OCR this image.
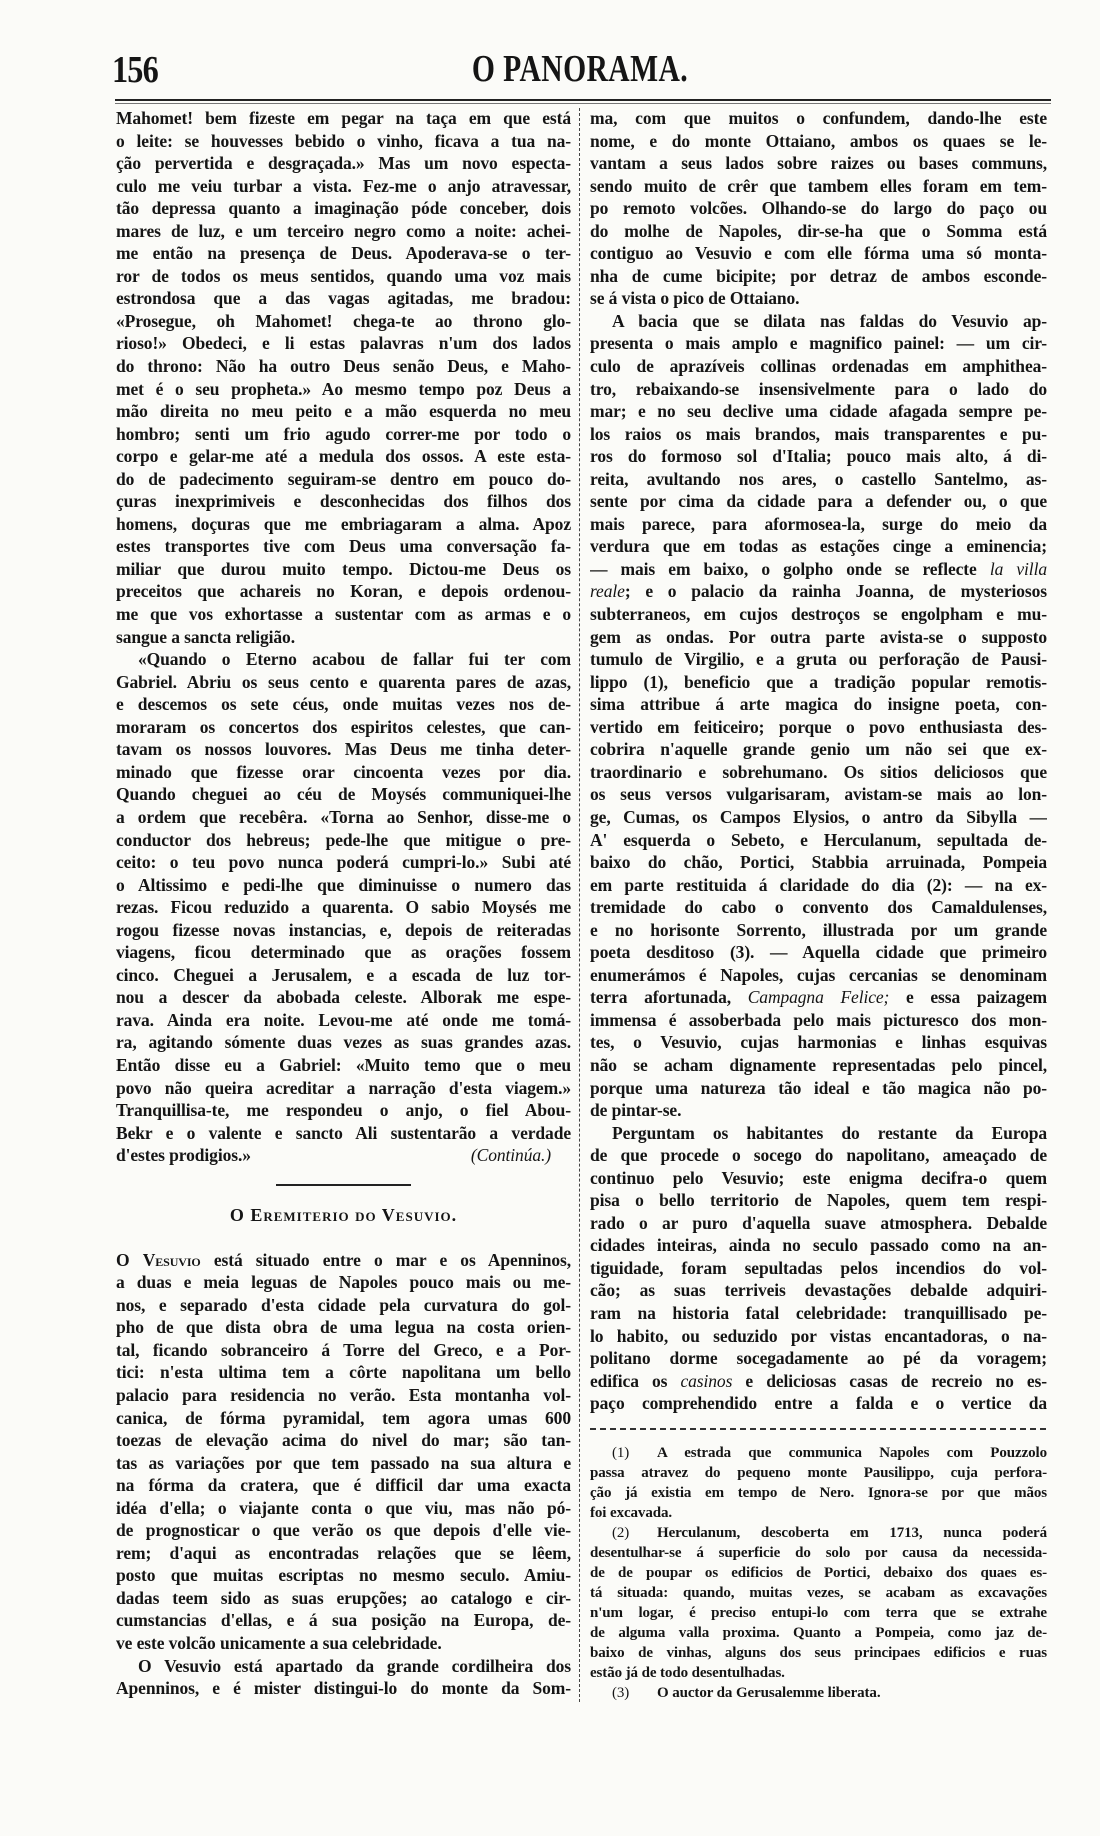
156	O PANORAMA.
Mahomet! bem fizeste em pegar na taça em que está
o leite: se houvesses bebido o vinho, ficava a tua na-
ção pervertida e desgraçada.» Mas um novo especta-
culo me veiu turbar a vista. Fez-me o anjo atravessar,
tão depressa quanto a imaginação póde conceber, dois
mares de luz, e um terceiro negro como a noite: achei-
me então na presença de Deus. Apoderava-se o ter-
ror de todos os meus sentidos, quando uma voz mais
estrondosa que a das vagas agitadas, me bradou:
«Prosegue, oh Mahomet! chega-te ao throno glo-
rioso!» Obedeci, e li estas palavras n'um dos lados
do throno: Não ha outro Deus senão Deus, e Maho-
met é o seu propheta.» Ao mesmo tempo poz Deus a
mão direita no meu peito e a mão esquerda no meu
hombro; senti um frio agudo correr-me por todo o
corpo e gelar-me até a medula dos ossos. A este esta-
do de padecimento seguiram-se dentro em pouco do-
çuras inexprimiveis e desconhecidas dos filhos dos
homens, doçuras que me embriagaram a alma. Apoz
estes transportes tive com Deus uma conversação fa-
miliar que durou muito tempo. Dictou-me Deus os
preceitos que achareis no Koran, e depois ordenou-
me que vos exhortasse a sustentar com as armas e o
sangue a sancta religião.
«Quando o Eterno acabou de fallar fui ter com
Gabriel. Abriu os seus cento e quarenta pares de azas,
e descemos os sete céus, onde muitas vezes nos de-
moraram os concertos dos espiritos celestes, que can-
tavam os nossos louvores. Mas Deus me tinha deter-
minado que fizesse orar cincoenta vezes por dia.
Quando cheguei ao céu de Moysés communiquei-lhe
a ordem que recebêra. «Torna ao Senhor, disse-me o
conductor dos hebreus; pede-lhe que mitigue o pre-
ceito: o teu povo nunca poderá cumpri-lo.» Subi até
o Altissimo e pedi-lhe que diminuisse o numero das
rezas. Ficou reduzido a quarenta. O sabio Moysés me
rogou fizesse novas instancias, e, depois de reiteradas
viagens, ficou determinado que as orações fossem
cinco. Cheguei a Jerusalem, e a escada de luz tor-
nou a descer da abobada celeste. Alborak me espe-
rava. Ainda era noite. Levou-me até onde me tomá-
ra, agitando sómente duas vezes as suas grandes azas.
Então disse eu a Gabriel: «Muito temo que o meu
povo não queira acreditar a narração d'esta viagem.»
Tranquillisa-te, me respondeu o anjo, o fiel Abou-
Bekr e o valente e sancto Ali sustentarão a verdade
(Continúa.)
d'estes prodigios.»
O Eremiterio do Vesuvio.
O Vesuvio está situado entre o mar e os Apenninos,
a duas e meia leguas de Napoles pouco mais ou me-
nos, e separado d'esta cidade pela curvatura do gol-
pho de que dista obra de uma legua na costa orien-
tal, ficando sobranceiro á Torre del Greco, e a Por-
tici: n'esta ultima tem a côrte napolitana um bello
palacio para residencia no verão. Esta montanha vol-
canica, de fórma pyramidal, tem agora umas 600
toezas de elevação acima do nivel do mar; são tan-
tas as variações por que tem passado na sua altura e
na fórma da cratera, que é difficil dar uma exacta
idéa d'ella; o viajante conta o que viu, mas não pó-
de prognosticar o que verão os que depois d'elle vie-
rem; d'aqui as encontradas relações que se lêem,
posto que muitas escriptas no mesmo seculo. Amiu-
dadas teem sido as suas erupções; ao catalogo e cir-
cumstancias d'ellas, e á sua posição na Europa, de-
ve este volcão unicamente a sua celebridade.
O Vesuvio está apartado da grande cordilheira dos
Apenninos, e é mister distingui-lo do monte da Som-
ma, com que muitos o confundem, dando-lhe este
nome, e do monte Ottaiano, ambos os quaes se le-
vantam a seus lados sobre raizes ou bases communs,
sendo muito de crêr que tambem elles foram em tem-
po remoto volcões. Olhando-se do largo do paço ou
do molhe de Napoles, dir-se-ha que o Somma está
contiguo ao Vesuvio e com elle fórma uma só monta-
nha de cume bicipite; por detraz de ambos esconde-
se á vista o pico de Ottaiano.
A bacia que se dilata nas faldas do Vesuvio ap-
presenta o mais amplo e magnifico painel: — um cir-
culo de aprazíveis collinas ordenadas em amphithea-
tro, rebaixando-se insensivelmente para o lado do
mar; e no seu declive uma cidade afagada sempre pe-
los raios os mais brandos, mais transparentes e pu-
ros do formoso sol d'Italia; pouco mais alto, á di-
reita, avultando nos ares, o castello Santelmo, as-
sente por cima da cidade para a defender ou, o que
mais parece, para aformosea-la, surge do meio da
verdura que em todas as estações cinge a eminencia;
— mais em baixo, o golpho onde se reflecte la villa
reale; e o palacio da rainha Joanna, de mysteriosos
subterraneos, em cujos destroços se engolpham e mu-
gem as ondas. Por outra parte avista-se o supposto
tumulo de Virgilio, e a gruta ou perforação de Pausi-
lippo (1), beneficio que a tradição popular remotis-
sima attribue á arte magica do insigne poeta, con-
vertido em feiticeiro; porque o povo enthusiasta des-
cobrira n'aquelle grande genio um não sei que ex-
traordinario e sobrehumano. Os sitios deliciosos que
os seus versos vulgarisaram, avistam-se mais ao lon-
ge, Cumas, os Campos Elysios, o antro da Sibylla —
A' esquerda o Sebeto, e Herculanum, sepultada de-
baixo do chão, Portici, Stabbia arruinada, Pompeia
em parte restituida á claridade do dia (2): — na ex-
tremidade do cabo o convento dos Camaldulenses,
e no horisonte Sorrento, illustrada por um grande
poeta desditoso (3). — Aquella cidade que primeiro
enumerámos é Napoles, cujas cercanias se denominam
terra afortunada, Campagna Felice; e essa paizagem
immensa é assoberbada pelo mais picturesco dos mon-
tes, o Vesuvio, cujas harmonias e linhas esquivas
não se acham dignamente representadas pelo pincel,
porque uma natureza tão ideal e tão magica não po-
de pintar-se.
Perguntam os habitantes do restante da Europa
de que procede o socego do napolitano, ameaçado de
continuo pelo Vesuvio; este enigma decifra-o quem
pisa o bello territorio de Napoles, quem tem respi-
rado o ar puro d'aquella suave atmosphera. Debalde
cidades inteiras, ainda no seculo passado como na an-
tiguidade, foram sepultadas pelos incendios do vol-
cão; as suas terriveis devastações debalde adquiri-
ram na historia fatal celebridade: tranquillisado pe-
lo habito, ou seduzido por vistas encantadoras, o na-
politano dorme socegadamente ao pé da voragem;
edifica os casinos e deliciosas casas de recreio no es-
paço comprehendido entre a falda e o vertice da
(1) A estrada que communica Napoles com Pouzzolo
passa atravez do pequeno monte Pausilippo, cuja perfora-
ção já existia em tempo de Nero. Ignora-se por que mãos
foi excavada.
(2) Herculanum, descoberta em 1713, nunca poderá
desentulhar-se á superficie do solo por causa da necessida-
de de poupar os edificios de Portici, debaixo dos quaes es-
tá situada: quando, muitas vezes, se acabam as excavações
n'um logar, é preciso entupi-lo com terra que se extrahe
de alguma valla proxima. Quanto a Pompeia, como jaz de-
baixo de vinhas, alguns dos seus principaes edificios e ruas
estão já de todo desentulhadas.
(3) O auctor da Gerusalemme liberata.
